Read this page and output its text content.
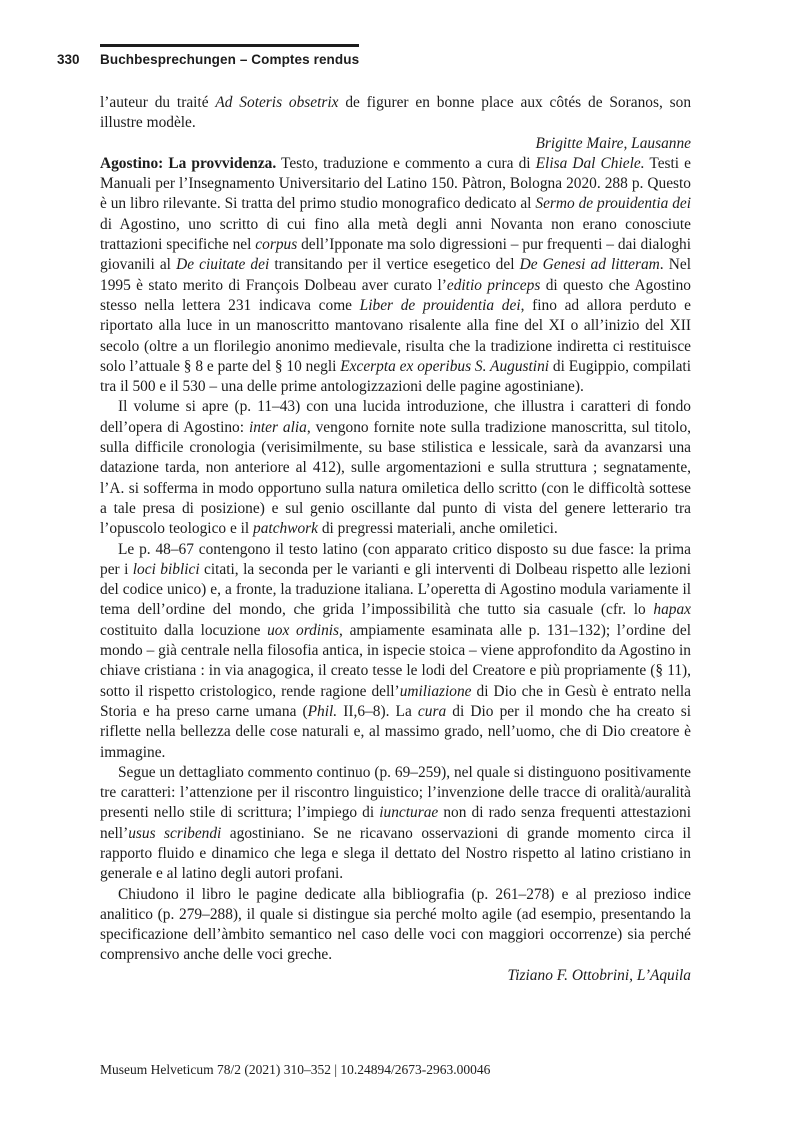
330 Buchbesprechungen – Comptes rendus

l’auteur du traité Ad Soteris obsetrix de figurer en bonne place aux côtés de Soranos, son illustre modèle.

Brigitte Maire, Lausanne

Agostino: La provvidenza. Testo, traduzione e commento a cura di Elisa Dal Chiele. Testi e Manuali per l’Insegnamento Universitario del Latino 150. Pàtron, Bologna 2020. 288 p. Questo è un libro rilevante. Si tratta del primo studio monografico dedicato al Sermo de prouidentia dei di Agostino, uno scritto di cui fino alla metà degli anni Novanta non erano conosciute trattazioni specifiche nel corpus dell’Ipponate ma solo digressioni – pur frequenti – dai dialoghi giovanili al De ciuitate dei transitando per il vertice esegetico del De Genesi ad litteram. Nel 1995 è stato merito di François Dolbeau aver curato l’editio princeps di questo che Agostino stesso nella lettera 231 indicava come Liber de prouidentia dei, fino ad allora perduto e riportato alla luce in un manoscritto mantovano risalente alla fine del XI o all’inizio del XII secolo (oltre a un florilegio anonimo medievale, risulta che la tradizione indiretta ci restituisce solo l’attuale § 8 e parte del § 10 negli Excerpta ex operibus S. Augustini di Eugippio, compilati tra il 500 e il 530 – una delle prime antologizzazioni delle pagine agostiniane).

Il volume si apre (p. 11–43) con una lucida introduzione, che illustra i caratteri di fondo dell’opera di Agostino: inter alia, vengono fornite note sulla tradizione manoscritta, sul titolo, sulla difficile cronologia (verisimilmente, su base stilistica e lessicale, sarà da avanzarsi una datazione tarda, non anteriore al 412), sulle argomentazioni e sulla struttura ; segnatamente, l’A. si sofferma in modo opportuno sulla natura omiletica dello scritto (con le difficoltà sottese a tale presa di posizione) e sul genio oscillante dal punto di vista del genere letterario tra l’opuscolo teologico e il patchwork di pregressi materiali, anche omiletici.

Le p. 48–67 contengono il testo latino (con apparato critico disposto su due fasce: la prima per i loci biblici citati, la seconda per le varianti e gli interventi di Dolbeau rispetto alle lezioni del codice unico) e, a fronte, la traduzione italiana. L’operetta di Agostino modula variamente il tema dell’ordine del mondo, che grida l’impossibilità che tutto sia casuale (cfr. lo hapax costituito dalla locuzione uox ordinis, ampiamente esaminata alle p. 131–132); l’ordine del mondo – già centrale nella filosofia antica, in ispecie stoica – viene approfondito da Agostino in chiave cristiana : in via anagogica, il creato tesse le lodi del Creatore e più propriamente (§ 11), sotto il rispetto cristologico, rende ragione dell’umiliazione di Dio che in Gesù è entrato nella Storia e ha preso carne umana (Phil. II,6–8). La cura di Dio per il mondo che ha creato si riflette nella bellezza delle cose naturali e, al massimo grado, nell’uomo, che di Dio creatore è immagine.

Segue un dettagliato commento continuo (p. 69–259), nel quale si distinguono positivamente tre caratteri: l’attenzione per il riscontro linguistico; l’invenzione delle tracce di oralità/auralità presenti nello stile di scrittura; l’impiego di iuncturae non di rado senza frequenti attestazioni nell’usus scribendi agostiniano. Se ne ricavano osservazioni di grande momento circa il rapporto fluido e dinamico che lega e slega il dettato del Nostro rispetto al latino cristiano in generale e al latino degli autori profani.

Chiudono il libro le pagine dedicate alla bibliografia (p. 261–278) e al prezioso indice analitico (p. 279–288), il quale si distingue sia perché molto agile (ad esempio, presentando la specificazione dell’àmbito semantico nel caso delle voci con maggiori occorrenze) sia perché comprensivo anche delle voci greche.

Tiziano F. Ottobrini, L’Aquila

Museum Helveticum 78/2 (2021) 310–352 | 10.24894/2673-2963.00046
